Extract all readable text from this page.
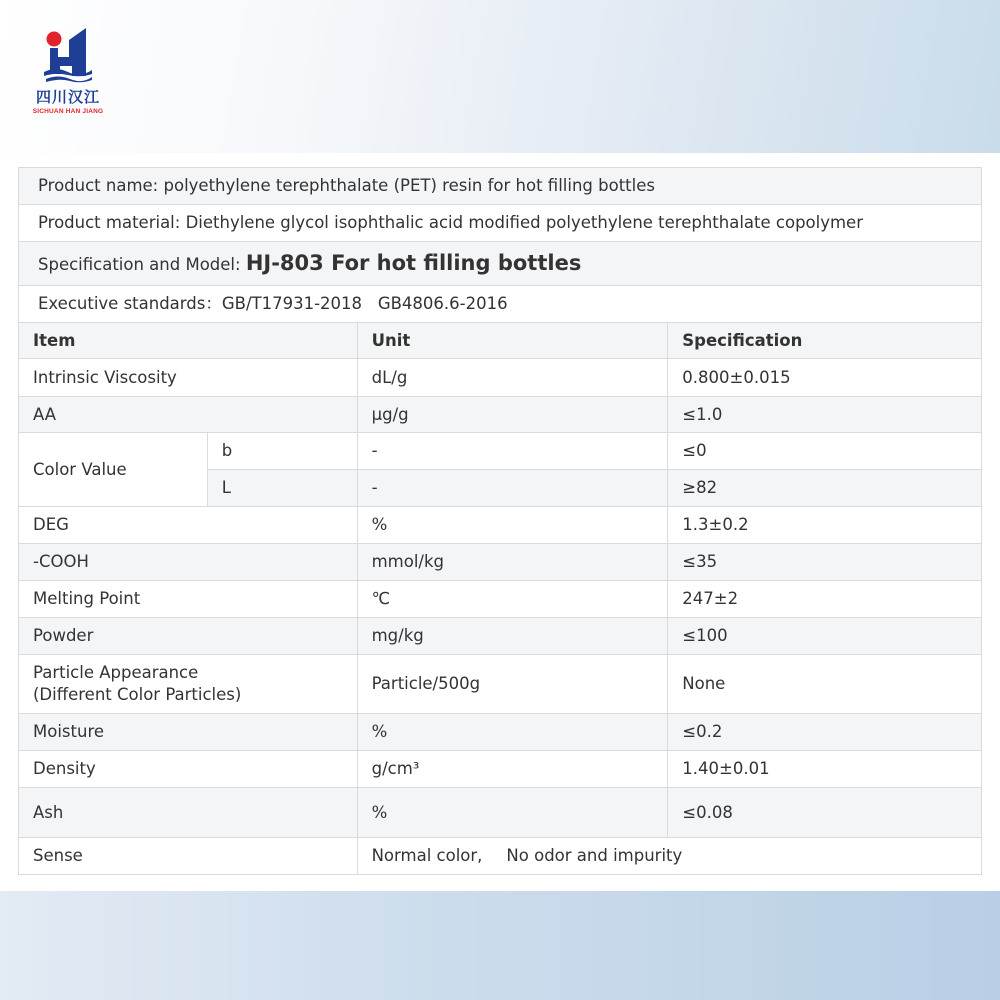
四川汉江
SICHUAN HAN JIANG
Product name: polyethylene terephthalate (PET) resin for hot filling bottles			
Product material: Diethylene glycol isophthalic acid modified polyethylene terephthalate copolymer			
Specification and Model: HJ-803 For hot filling bottles			
Executive standards：GB/T17931-2018 GB4806.6-2016			
Item		Unit	Specification
Intrinsic Viscosity		dL/g	0.800±0.015
AA		μg/g	≤1.0
Color Value	b	-	≤0
	L	-	≥82
DEG		%	1.3±0.2
-COOH		mmol/kg	≤35
Melting Point		℃	247±2
Powder		mg/kg	≤100

Particle Appearance
(Different Color Particles)		Particle/500g	None
Moisture		%	≤0.2
Density		g/cm³	1.40±0.01
Ash		%	≤0.08
Sense		Normal color, No odor and impurity	
